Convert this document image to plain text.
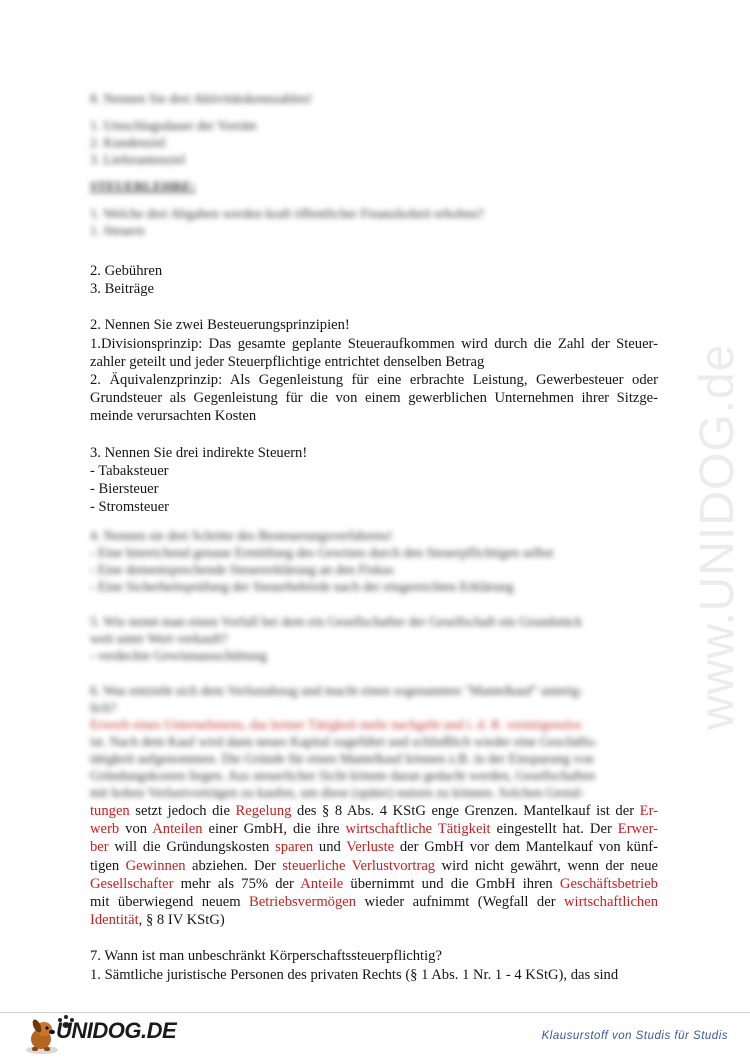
www.UNIDOG.de
8. Nennen Sie drei Aktivitätskennzahlen!
1. Umschlagsdauer der Vorräte
2. Kundenziel
3. Lieferantenziel
STEUERLEHRE:
1. Welche drei Abgaben werden kraft öffentlicher Finanzhoheit erhoben?
1. Steuern
2. Gebühren
3. Beiträge
2. Nennen Sie zwei Besteuerungsprinzipien!
1.Divisionsprinzip: Das gesamte geplante Steueraufkommen wird durch die Zahl der Steuer-
zahler geteilt und jeder Steuerpflichtige entrichtet denselben Betrag
2. Äquivalenzprinzip: Als Gegenleistung für eine erbrachte Leistung, Gewerbesteuer oder
Grundsteuer als Gegenleistung für die von einem gewerblichen Unternehmen ihrer Sitzge-
meinde verursachten Kosten
3. Nennen Sie drei indirekte Steuern!
- Tabaksteuer
- Biersteuer
- Stromsteuer
4. Nennen sie drei Schritte des Besteuerungsverfahrens!
- Eine hinreichend genaue Ermittlung des Gewinns durch den Steuerpflichtigen selbst
- Eine dementsprechende Steuererklärung an den Fiskus
- Eine Sicherheitsprüfung der Steuerbehörde nach der eingereichten Erklärung
5. Wie nennt man einen Vorfall bei dem ein Gesellschafter der Gesellschaft ein Grundstück
weit unter Wert verkauft?
- verdeckte Gewinnausschüttung
6. Was entzieht sich dem Verlustabzug und macht einen sogenannten "Mantelkauf" unmög-
lich?
Erwerb eines Unternehmens, das keiner Tätigkeit mehr nachgeht und i. d. R. vermögenslos
ist. Nach dem Kauf wird dann neues Kapital zugeführt und schließlich wieder eine Geschäfts-
tätigkeit aufgenommen. Die Gründe für einen Mantelkauf können z.B. in der Einsparung von
Gründungskosten liegen. Aus steuerlicher Sicht könnte daran gedacht werden, Gesellschaften
mit hohen Verlustvorträgen zu kaufen, um diese (später) nutzen zu können. Solchen Gestal-
tungen setzt jedoch die Regelung des § 8 Abs. 4 KStG enge Grenzen. Mantelkauf ist der Er-
werb von Anteilen einer GmbH, die ihre wirtschaftliche Tätigkeit eingestellt hat. Der Erwer-
ber will die Gründungskosten sparen und Verluste der GmbH vor dem Mantelkauf von künf-
tigen Gewinnen abziehen. Der steuerliche Verlustvortrag wird nicht gewährt, wenn der neue
Gesellschafter mehr als 75% der Anteile übernimmt und die GmbH ihren Geschäftsbetrieb
mit überwiegend neuem Betriebsvermögen wieder aufnimmt (Wegfall der wirtschaftlichen
Identität, § 8 IV KStG)
7. Wann ist man unbeschränkt Körperschaftssteuerpflichtig?
1. Sämtliche juristische Personen des privaten Rechts (§ 1 Abs. 1 Nr. 1 - 4 KStG), das sind
UNIDOG.DE	Klausurstoff von Studis für Studis
